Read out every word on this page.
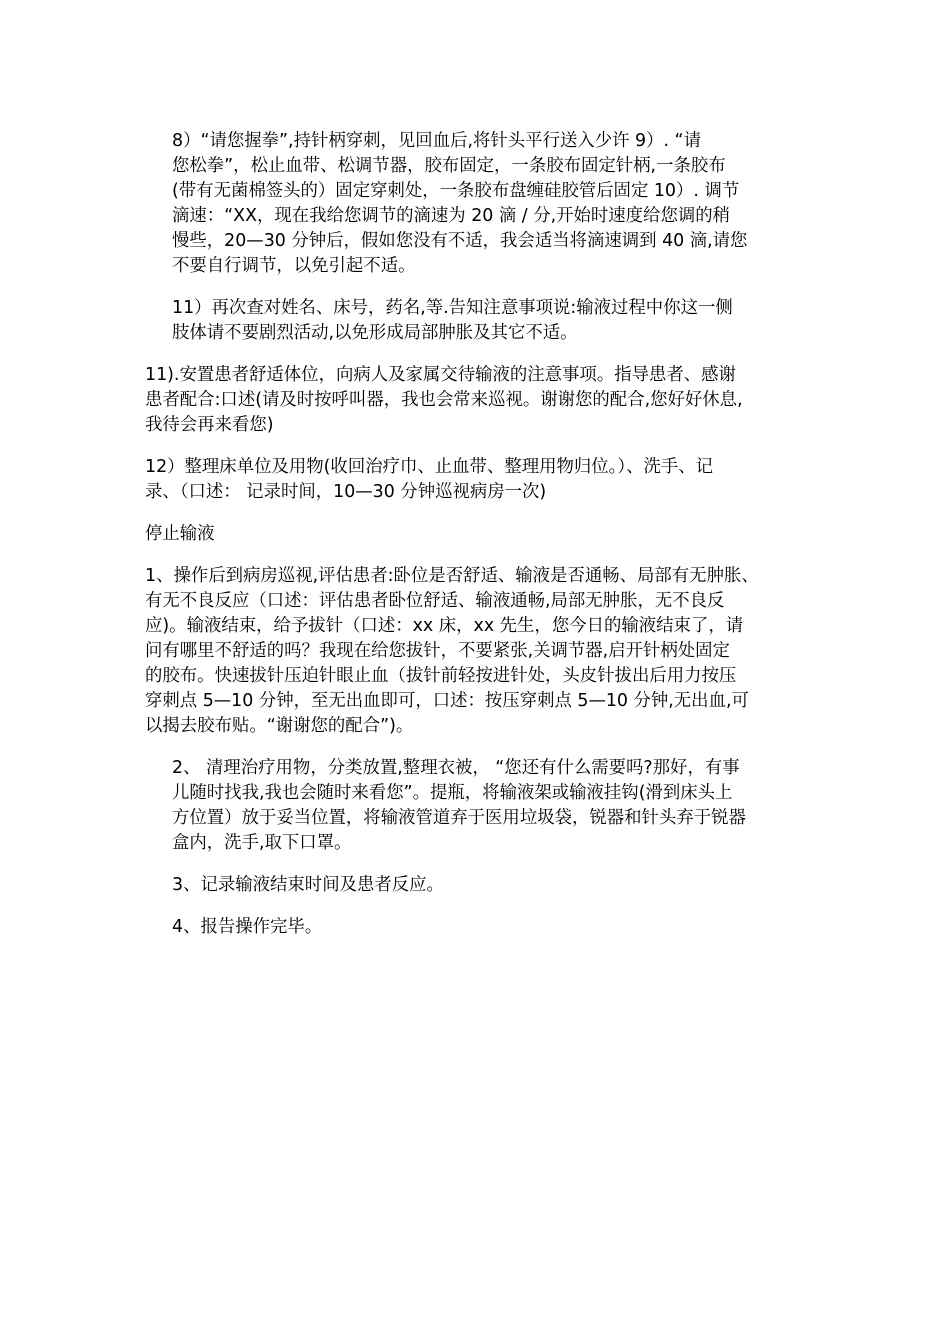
8）“请您握拳”,持针柄穿刺，见回血后,将针头平行送入少许 9）. “请
您松拳”，松止血带、松调节器，胶布固定，一条胶布固定针柄,一条胶布
(带有无菌棉签头的）固定穿刺处，一条胶布盘缠硅胶管后固定 10）. 调节
滴速：“XX，现在我给您调节的滴速为 20 滴 / 分,开始时速度给您调的稍
慢些，20—30 分钟后，假如您没有不适，我会适当将滴速调到 40 滴,请您
不要自行调节，以免引起不适。
11）再次查对姓名、床号，药名,等.告知注意事项说:输液过程中你这一侧
肢体请不要剧烈活动,以免形成局部肿胀及其它不适。
11).安置患者舒适体位，向病人及家属交待输液的注意事项。指导患者、感谢
患者配合:口述(请及时按呼叫器，我也会常来巡视。谢谢您的配合,您好好休息,
我待会再来看您)
12）整理床单位及用物(收回治疗巾、止血带、整理用物归位。）、洗手、记
录、（口述： 记录时间，10—30 分钟巡视病房一次)
停止输液
1、操作后到病房巡视,评估患者:卧位是否舒适、输液是否通畅、局部有无肿胀、
有无不良反应（口述：评估患者卧位舒适、输液通畅,局部无肿胀，无不良反
应)。输液结束，给予拔针（口述：xx 床，xx 先生，您今日的输液结束了，请
问有哪里不舒适的吗？我现在给您拔针，不要紧张,关调节器,启开针柄处固定
的胶布。快速拔针压迫针眼止血（拔针前轻按进针处，头皮针拔出后用力按压
穿刺点 5—10 分钟，至无出血即可，口述：按压穿刺点 5—10 分钟,无出血,可
以揭去胶布贴。“谢谢您的配合”)。
2、 清理治疗用物，分类放置,整理衣被， “您还有什么需要吗?那好，有事
儿随时找我,我也会随时来看您”。提瓶，将输液架或输液挂钩(滑到床头上
方位置）放于妥当位置，将输液管道弃于医用垃圾袋，锐器和针头弃于锐器
盒内，洗手,取下口罩。
3、记录输液结束时间及患者反应。
4、报告操作完毕。
